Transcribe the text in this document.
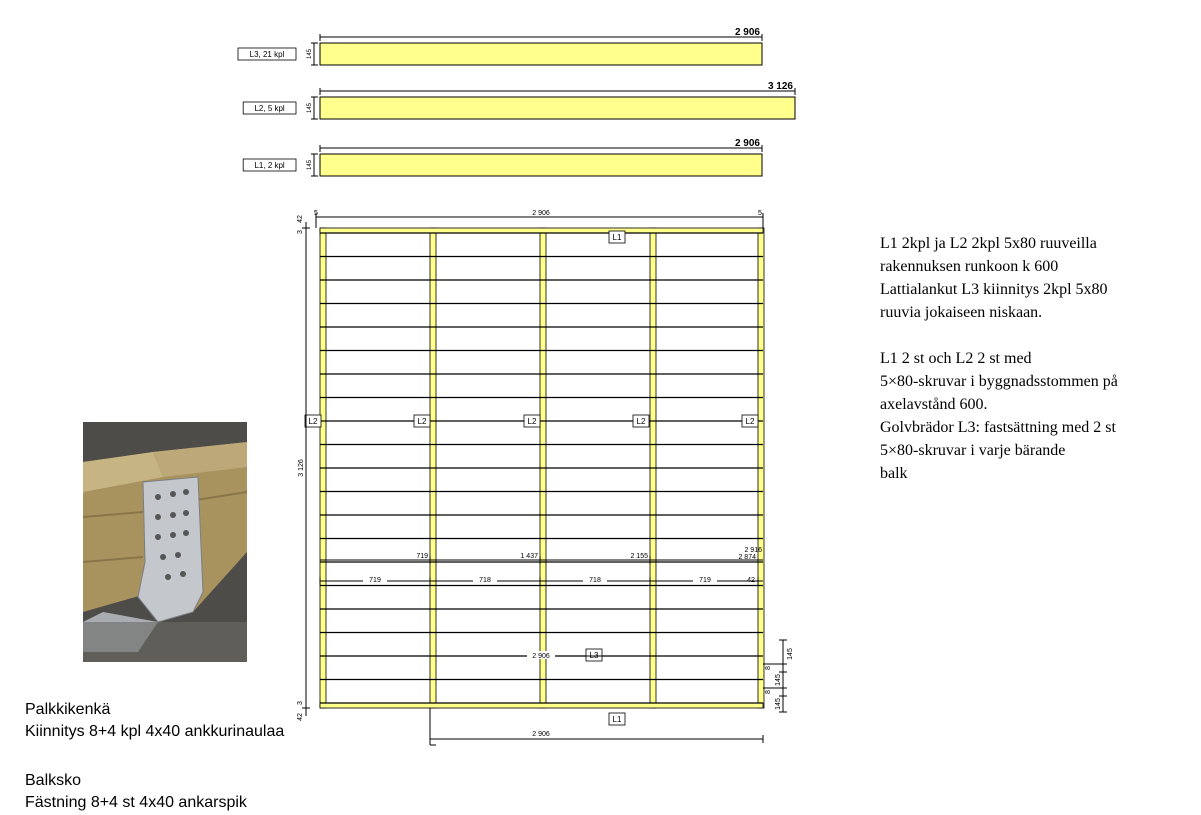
2 906
145
L3, 21 kpl
3 126
145
L2, 5 kpl
2 906
145
L1, 2 kpl
L1
L1
L3
L2	L2	L2	L2	L2
2 906
5	5
3 126
42
3
3
42
719	1 437	2 155
2 916
2 874
719	718	718	719	42
2 906
2 906
145
8
145
8
145
L1 2kpl ja L2 2kpl 5x80 ruuveilla
rakennuksen runkoon k 600
Lattialankut L3 kiinnitys 2kpl 5x80
ruuvia jokaiseen niskaan.
L1 2 st och L2 2 st med
5×80-skruvar i byggnadsstommen på
axelavstånd 600.
Golvbrädor L3: fastsättning med 2 st
5×80-skruvar i varje bärande
balk
Palkkikenkä
Kiinnitys 8+4 kpl 4x40 ankkurinaulaa
Balksko
Fästning 8+4 st 4x40 ankarspik
